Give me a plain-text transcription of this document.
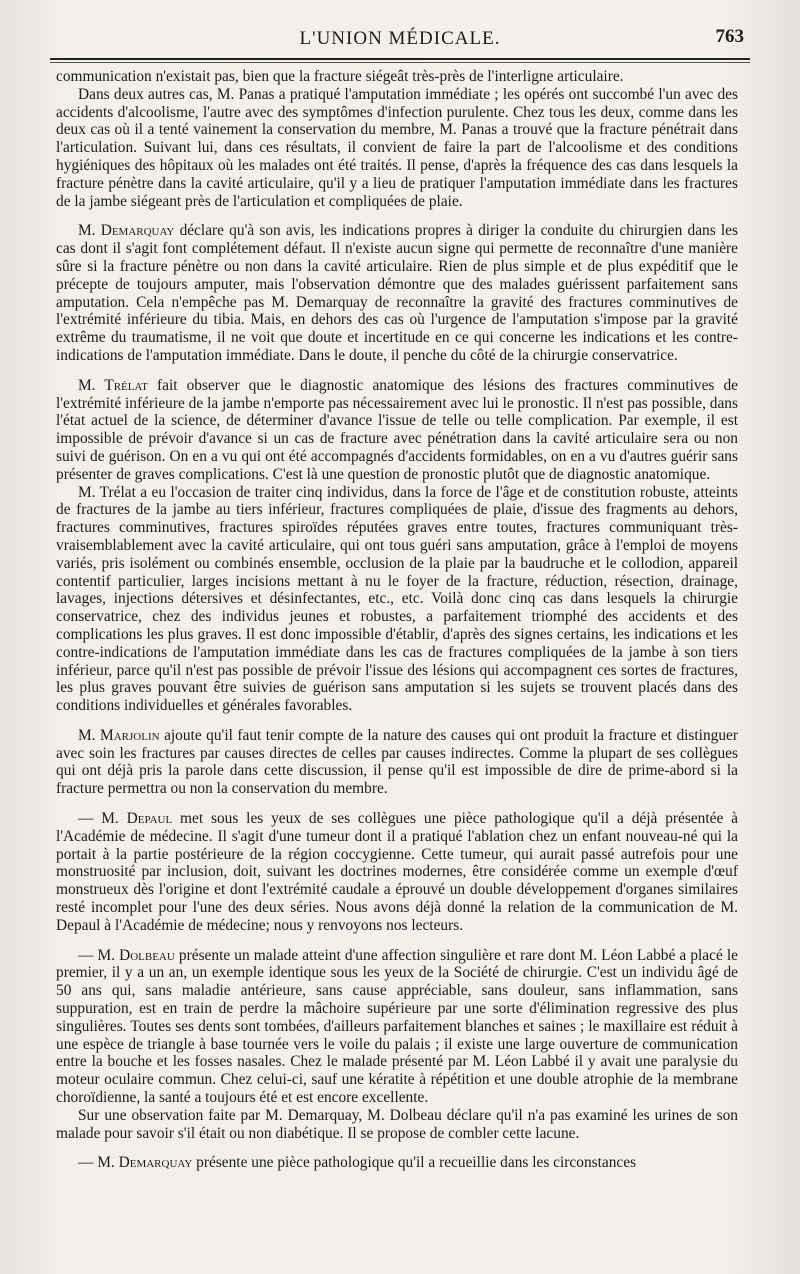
L'UNION MÉDICALE.	763

communication n'existait pas, bien que la fracture siégeât très-près de l'interligne articulaire.

Dans deux autres cas, M. Panas a pratiqué l'amputation immédiate ; les opérés ont succombé l'un avec des accidents d'alcoolisme, l'autre avec des symptômes d'infection purulente. Chez tous les deux, comme dans les deux cas où il a tenté vainement la conservation du membre, M. Panas a trouvé que la fracture pénétrait dans l'articulation. Suivant lui, dans ces résultats, il convient de faire la part de l'alcoolisme et des conditions hygiéniques des hôpitaux où les malades ont été traités. Il pense, d'après la fréquence des cas dans lesquels la fracture pénètre dans la cavité articulaire, qu'il y a lieu de pratiquer l'amputation immédiate dans les fractures de la jambe siégeant près de l'articulation et compliquées de plaie.

M. Demarquay déclare qu'à son avis, les indications propres à diriger la conduite du chirurgien dans les cas dont il s'agit font complétement défaut. Il n'existe aucun signe qui permette de reconnaître d'une manière sûre si la fracture pénètre ou non dans la cavité articulaire. Rien de plus simple et de plus expéditif que le précepte de toujours amputer, mais l'observation démontre que des malades guérissent parfaitement sans amputation. Cela n'empêche pas M. Demarquay de reconnaître la gravité des fractures comminutives de l'extrémité inférieure du tibia. Mais, en dehors des cas où l'urgence de l'amputation s'impose par la gravité extrême du traumatisme, il ne voit que doute et incertitude en ce qui concerne les indications et les contre-indications de l'amputation immédiate. Dans le doute, il penche du côté de la chirurgie conservatrice.

M. Trélat fait observer que le diagnostic anatomique des lésions des fractures comminutives de l'extrémité inférieure de la jambe n'emporte pas nécessairement avec lui le pronostic. Il n'est pas possible, dans l'état actuel de la science, de déterminer d'avance l'issue de telle ou telle complication. Par exemple, il est impossible de prévoir d'avance si un cas de fracture avec pénétration dans la cavité articulaire sera ou non suivi de guérison. On en a vu qui ont été accompagnés d'accidents formidables, on en a vu d'autres guérir sans présenter de graves complications. C'est là une question de pronostic plutôt que de diagnostic anatomique.

M. Trélat a eu l'occasion de traiter cinq individus, dans la force de l'âge et de constitution robuste, atteints de fractures de la jambe au tiers inférieur, fractures compliquées de plaie, d'issue des fragments au dehors, fractures comminutives, fractures spiroïdes réputées graves entre toutes, fractures communiquant très-vraisemblablement avec la cavité articulaire, qui ont tous guéri sans amputation, grâce à l'emploi de moyens variés, pris isolément ou combinés ensemble, occlusion de la plaie par la baudruche et le collodion, appareil contentif particulier, larges incisions mettant à nu le foyer de la fracture, réduction, résection, drainage, lavages, injections détersives et désinfectantes, etc., etc. Voilà donc cinq cas dans lesquels la chirurgie conservatrice, chez des individus jeunes et robustes, a parfaitement triomphé des accidents et des complications les plus graves. Il est donc impossible d'établir, d'après des signes certains, les indications et les contre-indications de l'amputation immédiate dans les cas de fractures compliquées de la jambe à son tiers inférieur, parce qu'il n'est pas possible de prévoir l'issue des lésions qui accompagnent ces sortes de fractures, les plus graves pouvant être suivies de guérison sans amputation si les sujets se trouvent placés dans des conditions individuelles et générales favorables.

M. Marjolin ajoute qu'il faut tenir compte de la nature des causes qui ont produit la fracture et distinguer avec soin les fractures par causes directes de celles par causes indirectes. Comme la plupart de ses collègues qui ont déjà pris la parole dans cette discussion, il pense qu'il est impossible de dire de prime-abord si la fracture permettra ou non la conservation du membre.

— M. Depaul met sous les yeux de ses collègues une pièce pathologique qu'il a déjà présentée à l'Académie de médecine. Il s'agit d'une tumeur dont il a pratiqué l'ablation chez un enfant nouveau-né qui la portait à la partie postérieure de la région coccygienne. Cette tumeur, qui aurait passé autrefois pour une monstruosité par inclusion, doit, suivant les doctrines modernes, être considérée comme un exemple d'œuf monstrueux dès l'origine et dont l'extrémité caudale a éprouvé un double développement d'organes similaires resté incomplet pour l'une des deux séries. Nous avons déjà donné la relation de la communication de M. Depaul à l'Académie de médecine; nous y renvoyons nos lecteurs.

— M. Dolbeau présente un malade atteint d'une affection singulière et rare dont M. Léon Labbé a placé le premier, il y a un an, un exemple identique sous les yeux de la Société de chirurgie. C'est un individu âgé de 50 ans qui, sans maladie antérieure, sans cause appréciable, sans douleur, sans inflammation, sans suppuration, est en train de perdre la mâchoire supérieure par une sorte d'élimination regressive des plus singulières. Toutes ses dents sont tombées, d'ailleurs parfaitement blanches et saines ; le maxillaire est réduit à une espèce de triangle à base tournée vers le voile du palais ; il existe une large ouverture de communication entre la bouche et les fosses nasales. Chez le malade présenté par M. Léon Labbé il y avait une paralysie du moteur oculaire commun. Chez celui-ci, sauf une kératite à répétition et une double atrophie de la membrane choroïdienne, la santé a toujours été et est encore excellente.

Sur une observation faite par M. Demarquay, M. Dolbeau déclare qu'il n'a pas examiné les urines de son malade pour savoir s'il était ou non diabétique. Il se propose de combler cette lacune.

— M. Demarquay présente une pièce pathologique qu'il a recueillie dans les circonstances
